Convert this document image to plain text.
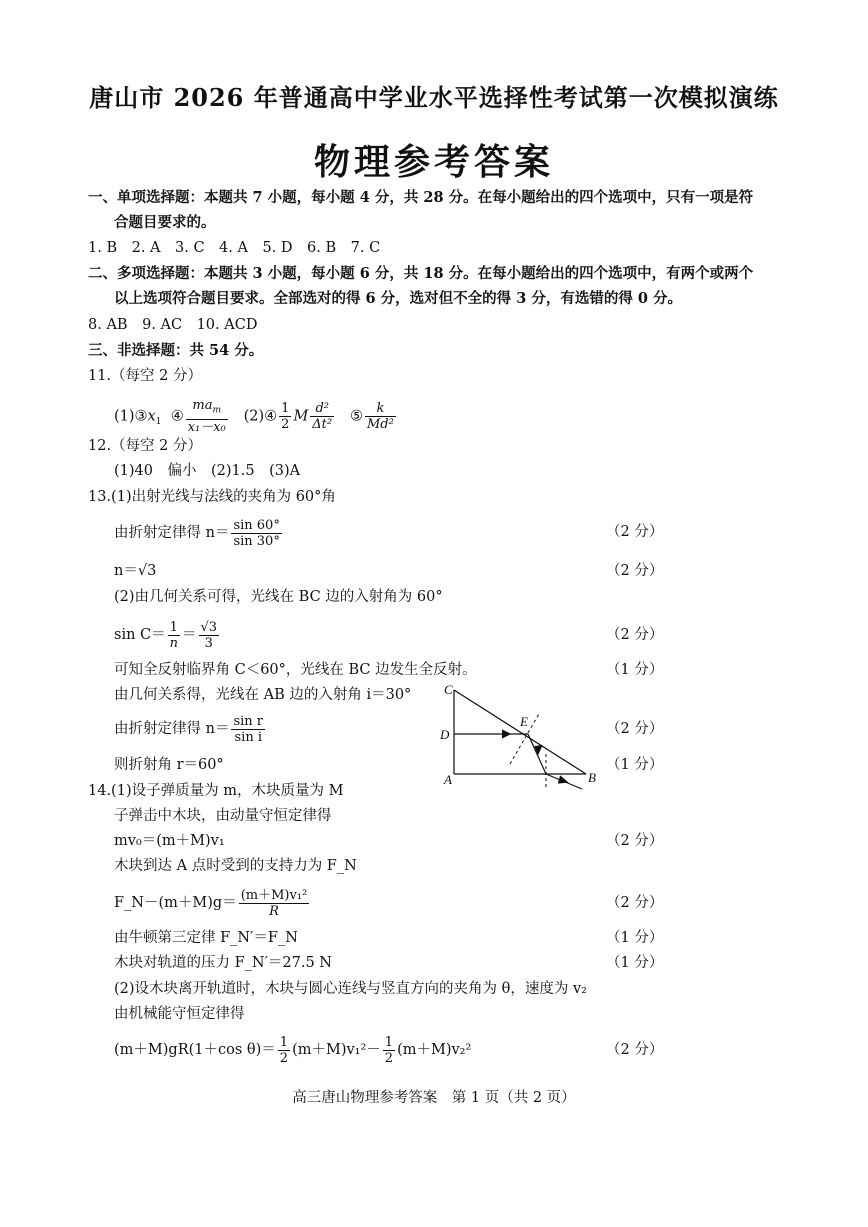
唐山市 2026 年普通高中学业水平选择性考试第一次模拟演练
物理参考答案
一、单项选择题：本题共 7 小题，每小题 4 分，共 28 分。在每小题给出的四个选项中，只有一项是符
合题目要求的。
1. B　2. A　3. C　4. A　5. D　6. B　7. C
二、多项选择题：本题共 3 小题，每小题 6 分，共 18 分。在每小题给出的四个选项中，有两个或两个
以上选项符合题目要求。全部选对的得 6 分，选对但不全的得 3 分，有选错的得 0 分。
8. AB　9. AC　10. ACD
三、非选择题：共 54 分。
11.（每空 2 分）
$(1)③x_1$ ④ $\frac{ma_m}{\text{x₁－x₀}}$ (2)④ $\frac{1}{2}$ M $\frac{\text{d²}}{\text{Δt²}}$ ⑤ $\frac{k}{\text{Md²}}$
12.（每空 2 分）
(1)40　偏小　(2)1.5　(3)A
13.(1)出射光线与法线的夹角为 60°角
由折射定律得 $n= \frac{\sin 60^\circ}{\sin 30^\circ}$	（2 分）
n＝√3	（2 分）
(2)由几何关系可得，光线在 BC 边的入射角为 60°
$\sin C= \frac{1}{n} = \frac{√3}{3}$	（2 分）
可知全反射临界角 C＜60°，光线在 BC 边发生全反射。	（1 分）
由几何关系得，光线在 AB 边的入射角 i＝30°
由折射定律得 $n= \frac{\text{sin r}}{\text{sin i}}$	（2 分）
则折射角 r＝60°	（1 分）
C
D
E
A	B
14.(1)设子弹质量为 m，木块质量为 M
子弹击中木块，由动量守恒定律得
mv₀＝(m＋M)v₁	（2 分）
木块到达 A 点时受到的支持力为 F_N
F_N－(m＋M)g＝ $\frac{\text{(m＋M)v₁²}}{R}$	（2 分）
由牛顿第三定律 F_N′＝F_N	（1 分）
木块对轨道的压力 F_N′＝27.5 N	（1 分）
(2)设木块离开轨道时，木块与圆心连线与竖直方向的夹角为 θ，速度为 v₂
由机械能守恒定律得
(m＋M)gR(1＋cos $\theta)= \frac{1}{2} (m+M)v_1^2- \frac{1}{2} (m+M)v_2^2$	（2 分）
高三唐山物理参考答案　第 1 页（共 2 页）
